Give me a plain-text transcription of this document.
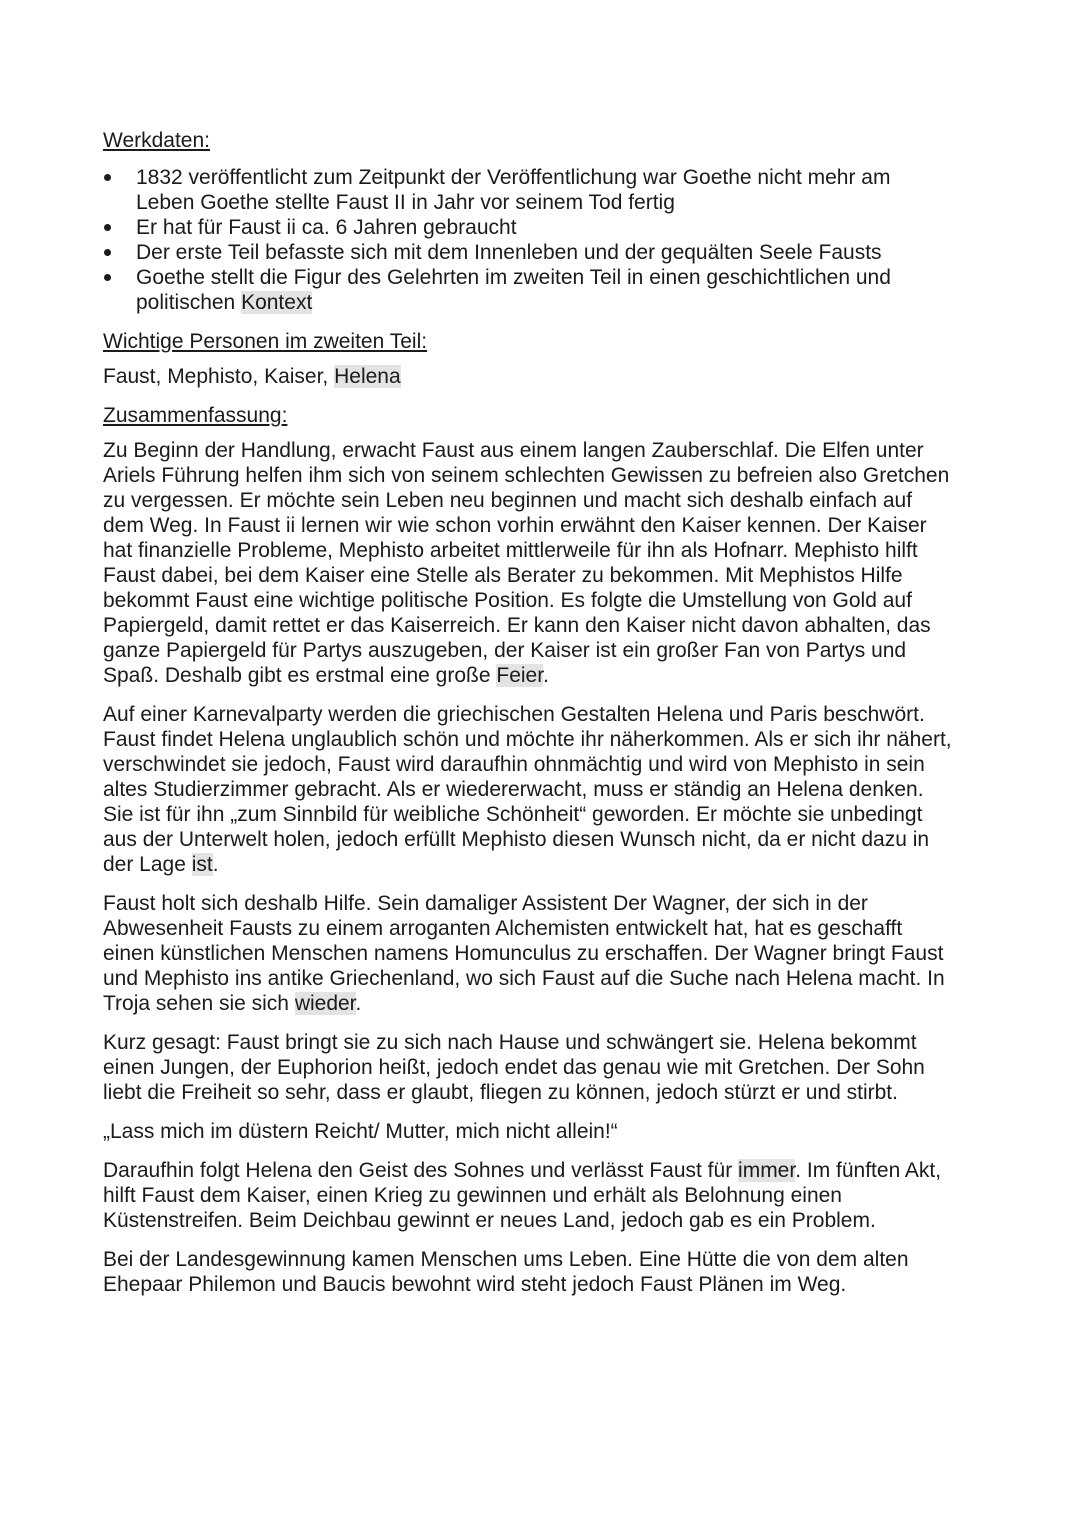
Werkdaten:
1832 veröffentlicht zum Zeitpunkt der Veröffentlichung war Goethe nicht mehr am Leben Goethe stellte Faust II in Jahr vor seinem Tod fertig
Er hat für Faust ii ca. 6 Jahren gebraucht
Der erste Teil befasste sich mit dem Innenleben und der gequälten Seele Fausts
Goethe stellt die Figur des Gelehrten im zweiten Teil in einen geschichtlichen und politischen Kontext
Wichtige Personen im zweiten Teil:

Faust, Mephisto, Kaiser, Helena

Zusammenfassung:

Zu Beginn der Handlung, erwacht Faust aus einem langen Zauberschlaf. Die Elfen unter Ariels Führung helfen ihm sich von seinem schlechten Gewissen zu befreien also Gretchen zu vergessen. Er möchte sein Leben neu beginnen und macht sich deshalb einfach auf dem Weg. In Faust ii lernen wir wie schon vorhin erwähnt den Kaiser kennen. Der Kaiser hat finanzielle Probleme, Mephisto arbeitet mittlerweile für ihn als Hofnarr. Mephisto hilft Faust dabei, bei dem Kaiser eine Stelle als Berater zu bekommen. Mit Mephistos Hilfe bekommt Faust eine wichtige politische Position. Es folgte die Umstellung von Gold auf Papiergeld, damit rettet er das Kaiserreich. Er kann den Kaiser nicht davon abhalten, das ganze Papiergeld für Partys auszugeben, der Kaiser ist ein großer Fan von Partys und Spaß. Deshalb gibt es erstmal eine große Feier.

Auf einer Karnevalparty werden die griechischen Gestalten Helena und Paris beschwört. Faust findet Helena unglaublich schön und möchte ihr näherkommen. Als er sich ihr nähert, verschwindet sie jedoch, Faust wird daraufhin ohnmächtig und wird von Mephisto in sein altes Studierzimmer gebracht. Als er wiedererwacht, muss er ständig an Helena denken. Sie ist für ihn „zum Sinnbild für weibliche Schönheit“ geworden. Er möchte sie unbedingt aus der Unterwelt holen, jedoch erfüllt Mephisto diesen Wunsch nicht, da er nicht dazu in der Lage ist.

Faust holt sich deshalb Hilfe. Sein damaliger Assistent Der Wagner, der sich in der Abwesenheit Fausts zu einem arroganten Alchemisten entwickelt hat, hat es geschafft einen künstlichen Menschen namens Homunculus zu erschaffen. Der Wagner bringt Faust und Mephisto ins antike Griechenland, wo sich Faust auf die Suche nach Helena macht. In Troja sehen sie sich wieder.

Kurz gesagt: Faust bringt sie zu sich nach Hause und schwängert sie. Helena bekommt einen Jungen, der Euphorion heißt, jedoch endet das genau wie mit Gretchen. Der Sohn liebt die Freiheit so sehr, dass er glaubt, fliegen zu können, jedoch stürzt er und stirbt.

„Lass mich im düstern Reicht/ Mutter, mich nicht allein!“

Daraufhin folgt Helena den Geist des Sohnes und verlässt Faust für immer. Im fünften Akt, hilft Faust dem Kaiser, einen Krieg zu gewinnen und erhält als Belohnung einen Küstenstreifen. Beim Deichbau gewinnt er neues Land, jedoch gab es ein Problem.

Bei der Landesgewinnung kamen Menschen ums Leben. Eine Hütte die von dem alten Ehepaar Philemon und Baucis bewohnt wird steht jedoch Faust Plänen im Weg.
